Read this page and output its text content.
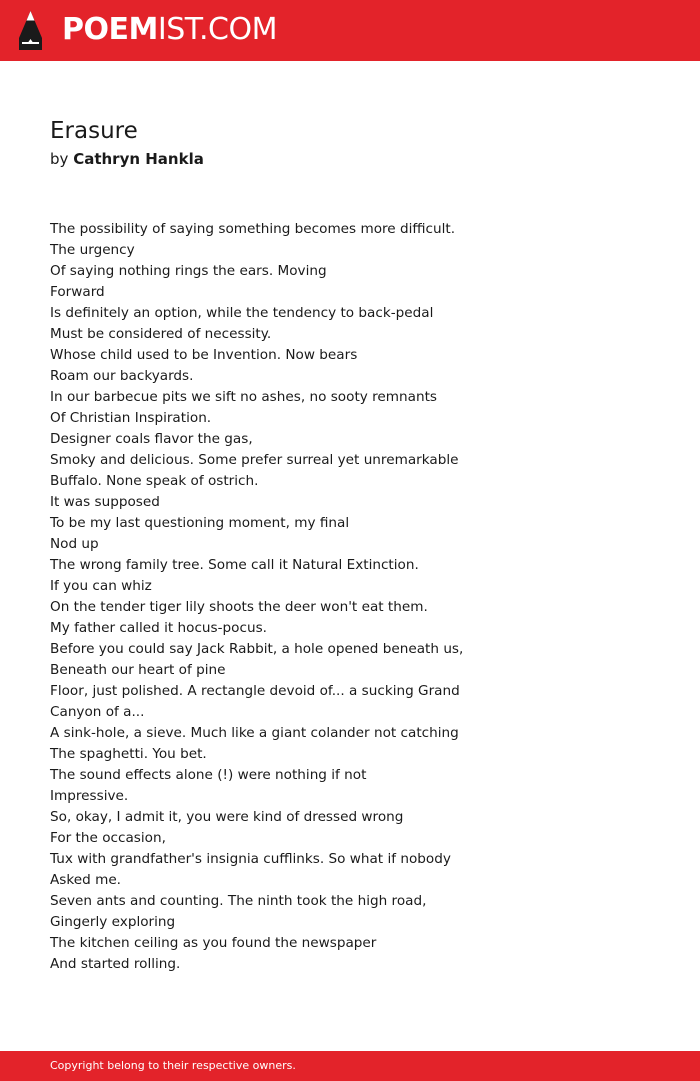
POEMIST.COM
Erasure
by Cathryn Hankla
The possibility of saying something becomes more difficult.
The urgency
Of saying nothing rings the ears. Moving
Forward
Is definitely an option, while the tendency to back-pedal
Must be considered of necessity.
Whose child used to be Invention. Now bears
Roam our backyards.
In our barbecue pits we sift no ashes, no sooty remnants
Of Christian Inspiration.
Designer coals flavor the gas,
Smoky and delicious. Some prefer surreal yet unremarkable
Buffalo. None speak of ostrich.
It was supposed
To be my last questioning moment, my final
Nod up
The wrong family tree. Some call it Natural Extinction.
If you can whiz
On the tender tiger lily shoots the deer won't eat them.
My father called it hocus-pocus.
Before you could say Jack Rabbit, a hole opened beneath us,
Beneath our heart of pine
Floor, just polished. A rectangle devoid of... a sucking Grand
Canyon of a...
A sink-hole, a sieve. Much like a giant colander not catching
The spaghetti. You bet.
The sound effects alone (!) were nothing if not
Impressive.
So, okay, I admit it, you were kind of dressed wrong
For the occasion,
Tux with grandfather's insignia cufflinks. So what if nobody
Asked me.
Seven ants and counting. The ninth took the high road,
Gingerly exploring
The kitchen ceiling as you found the newspaper
And started rolling.
Copyright belong to their respective owners.
